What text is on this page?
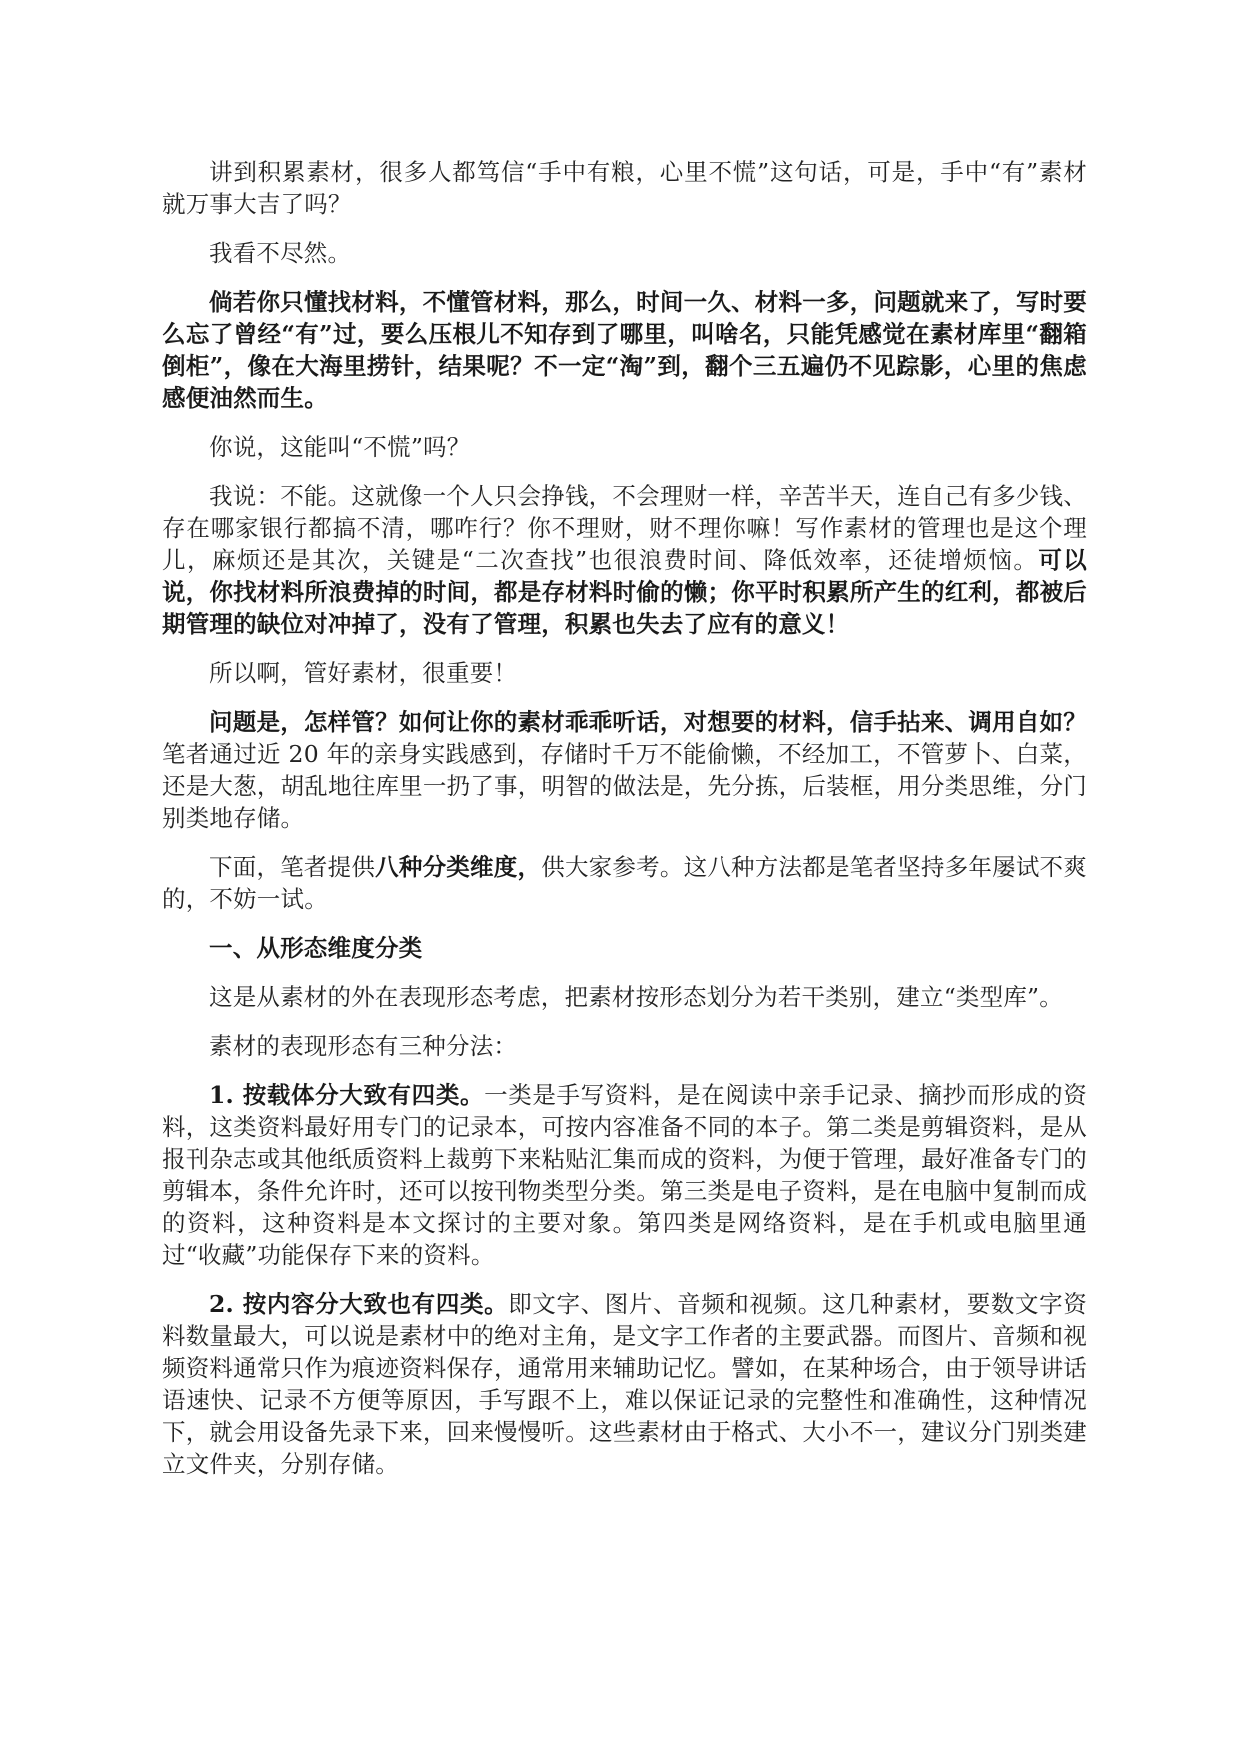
讲到积累素材，很多人都笃信“手中有粮，心里不慌”这句话，可是，手中“有”素材就万事大吉了吗？

我看不尽然。

倘若你只懂找材料，不懂管材料，那么，时间一久、材料一多，问题就来了，写时要么忘了曾经“有”过，要么压根儿不知存到了哪里，叫啥名，只能凭感觉在素材库里“翻箱倒柜”，像在大海里捞针，结果呢？不一定“淘”到，翻个三五遍仍不见踪影，心里的焦虑感便油然而生。

你说，这能叫“不慌”吗？

我说：不能。这就像一个人只会挣钱，不会理财一样，辛苦半天，连自己有多少钱、存在哪家银行都搞不清，哪咋行？你不理财，财不理你嘛！写作素材的管理也是这个理儿，麻烦还是其次，关键是“二次查找”也很浪费时间、降低效率，还徒增烦恼。可以说，你找材料所浪费掉的时间，都是存材料时偷的懒；你平时积累所产生的红利，都被后期管理的缺位对冲掉了，没有了管理，积累也失去了应有的意义！

所以啊，管好素材，很重要！

问题是，怎样管？如何让你的素材乖乖听话，对想要的材料，信手拈来、调用自如？笔者通过近 20 年的亲身实践感到，存储时千万不能偷懒，不经加工，不管萝卜、白菜，还是大葱，胡乱地往库里一扔了事，明智的做法是，先分拣，后装框，用分类思维，分门别类地存储。

下面，笔者提供八种分类维度，供大家参考。这八种方法都是笔者坚持多年屡试不爽的，不妨一试。

一、从形态维度分类

这是从素材的外在表现形态考虑，把素材按形态划分为若干类别，建立“类型库”。

素材的表现形态有三种分法：

1. 按载体分大致有四类。一类是手写资料，是在阅读中亲手记录、摘抄而形成的资料，这类资料最好用专门的记录本，可按内容准备不同的本子。第二类是剪辑资料，是从报刊杂志或其他纸质资料上裁剪下来粘贴汇集而成的资料，为便于管理，最好准备专门的剪辑本，条件允许时，还可以按刊物类型分类。第三类是电子资料，是在电脑中复制而成的资料，这种资料是本文探讨的主要对象。第四类是网络资料，是在手机或电脑里通过“收藏”功能保存下来的资料。

2. 按内容分大致也有四类。即文字、图片、音频和视频。这几种素材，要数文字资料数量最大，可以说是素材中的绝对主角，是文字工作者的主要武器。而图片、音频和视频资料通常只作为痕迹资料保存，通常用来辅助记忆。譬如，在某种场合，由于领导讲话语速快、记录不方便等原因，手写跟不上，难以保证记录的完整性和准确性，这种情况下，就会用设备先录下来，回来慢慢听。这些素材由于格式、大小不一，建议分门别类建立文件夹，分别存储。
